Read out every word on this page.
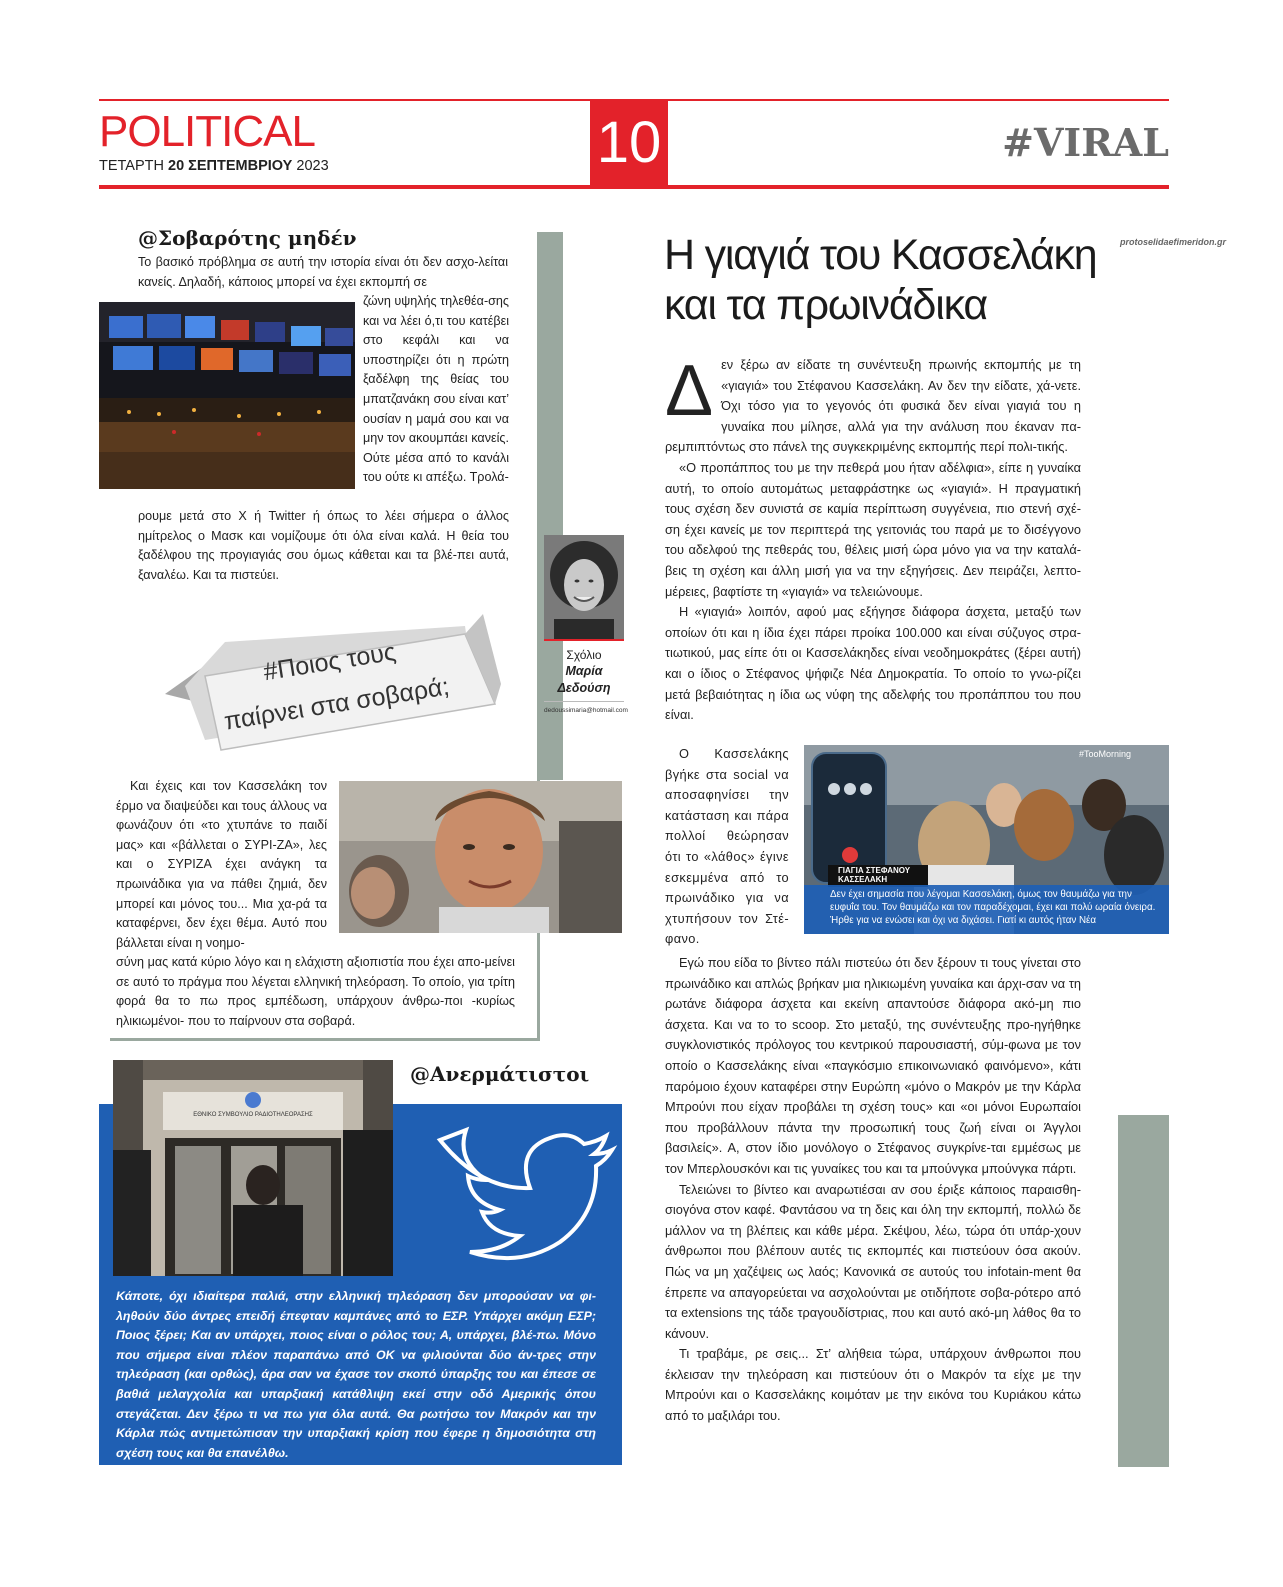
POLITICAL
ΤΕΤΑΡΤΗ 20 ΣΕΠΤΕΜΒΡΙΟΥ 2023	10	#VIRAL
protoselidaefimeridon.gr
@Σοβαρότης μηδέν

Το βασικό πρόβλημα σε αυτή την ιστορία είναι ότι δεν ασχο-λείται κανείς. Δηλαδή, κάποιος μπορεί να έχει εκπομπή σε

ζώνη υψηλής τηλεθέα-σης και να λέει ό,τι του κατέβει στο κεφάλι και να υποστηρίζει ότι η πρώτη ξαδέλφη της θείας του μπατζανάκη σου είναι κατ’ ουσίαν η μαμά σου και να μην τον ακουμπάει κανείς. Ούτε μέσα από το κανάλι του ούτε κι απέξω. Τρολά-

ρουμε μετά στο Χ ή Twitter ή όπως το λέει σήμερα ο άλλος ημίτρελος ο Μασκ και νομίζουμε ότι όλα είναι καλά. Η θεία του ξαδέλφου της προγιαγιάς σου όμως κάθεται και τα βλέ-πει αυτά, ξαναλέω. Και τα πιστεύει.

#Ποιος τους
παίρνει στα σοβαρά;
Σχόλιο
Μαρία
Δεδούση
dedoussimaria@hotmail.com

Και έχεις και τον Κασσελάκη τον έρμο να διαψεύδει και τους άλλους να φωνάζουν ότι «το χτυπάνε το παιδί μας» και «βάλλεται ο ΣΥΡΙ-ΖΑ», λες και ο ΣΥΡΙΖΑ έχει ανάγκη τα πρωινάδικα για να πάθει ζημιά, δεν μπορεί και μόνος του... Μια χα-ρά τα καταφέρνει, δεν έχει θέμα. Αυτό που βάλλεται είναι η νοημο-

σύνη μας κατά κύριο λόγο και η ελάχιστη αξιοπιστία που έχει απο-μείνει σε αυτό το πράγμα που λέγεται ελληνική τηλεόραση. Το οποίο, για τρίτη φορά θα το πω προς εμπέδωση, υπάρχουν άνθρω-ποι -κυρίως ηλικιωμένοι- που το παίρνουν στα σοβαρά.

ΕΘΝΙΚΟ ΣΥΜΒΟΥΛΙΟ ΡΑΔΙΟΤΗΛΕΟΡΑΣΗΣ
@Ανερμάτιστοι
Κάποτε, όχι ιδιαίτερα παλιά, στην ελληνική τηλεόραση δεν μπορούσαν να φι-ληθούν δύο άντρες επειδή έπεφταν καμπάνες από το ΕΣΡ. Υπάρχει ακόμη ΕΣΡ; Ποιος ξέρει; Και αν υπάρχει, ποιος είναι ο ρόλος του; Α, υπάρχει, βλέ-πω. Μόνο που σήμερα είναι πλέον παραπάνω από ΟΚ να φιλιούνται δύο άν-τρες στην τηλεόραση (και ορθώς), άρα σαν να έχασε τον σκοπό ύπαρξης του και έπεσε σε βαθιά μελαγχολία και υπαρξιακή κατάθλιψη εκεί στην οδό Αμερικής όπου στεγάζεται. Δεν ξέρω τι να πω για όλα αυτά. Θα ρωτήσω τον Μακρόν και την Κάρλα πώς αντιμετώπισαν την υπαρξιακή κρίση που έφερε η δημοσιότητα στη σχέση τους και θα επανέλθω.
Η γιαγιά του Κασσελάκη
και τα πρωινάδικα
Δ εν ξέρω αν είδατε τη συνέντευξη πρωινής εκπομπής με τη «γιαγιά» του Στέφανου Κασσελάκη. Αν δεν την είδατε, χά-νετε. Όχι τόσο για το γεγονός ότι φυσικά δεν είναι γιαγιά του η γυναίκα που μίλησε, αλλά για την ανάλυση που έκαναν πα-ρεμπιπτόντως στο πάνελ της συγκεκριμένης εκπομπής περί πολι-τικής.

«Ο προπάππος του με την πεθερά μου ήταν αδέλφια», είπε η γυναίκα αυτή, το οποίο αυτομάτως μεταφράστηκε ως «γιαγιά». Η πραγματική τους σχέση δεν συνιστά σε καμία περίπτωση συγγένεια, πιο στενή σχέ-ση έχει κανείς με τον περιπτερά της γειτονιάς του παρά με το δισέγγονο του αδελφού της πεθεράς του, θέλεις μισή ώρα μόνο για να την καταλά-βεις τη σχέση και άλλη μισή για να την εξηγήσεις. Δεν πειράζει, λεπτο-μέρειες, βαφτίστε τη «γιαγιά» να τελειώνουμε.

Η «γιαγιά» λοιπόν, αφού μας εξήγησε διάφορα άσχετα, μεταξύ των οποίων ότι και η ίδια έχει πάρει προίκα 100.000 και είναι σύζυγος στρα-τιωτικού, μας είπε ότι οι Κασσελάκηδες είναι νεοδημοκράτες (ξέρει αυτή) και ο ίδιος ο Στέφανος ψήφιζε Νέα Δημοκρατία. Το οποίο το γνω-ρίζει μετά βεβαιότητας η ίδια ως νύφη της αδελφής του προπάππου του που είναι.

Ο Κασσελάκης βγήκε στα social να αποσαφηνίσει την κατάσταση και πάρα πολλοί θεώρησαν ότι το «λάθος» έγινε εσκεμμένα από το πρωινάδικο για να χτυπήσουν τον Στέ-φανο.

#TooMorning
ΓΙΑΓΙΑ ΣΤΕΦΑΝΟΥ
ΚΑΣΣΕΛΑΚΗ
Δεν έχει σημασία που λέγομαι Κασσελάκη, όμως τον θαυμάζω για την ευφυΐα του. Τον θαυμάζω και τον παραδέχομαι, έχει και πολύ ωραία όνειρα. Ήρθε για να ενώσει και όχι να διχάσει. Γιατί κι αυτός ήταν Νέα

Εγώ που είδα το βίντεο πάλι πιστεύω ότι δεν ξέρουν τι τους γίνεται στο πρωινάδικο και απλώς βρήκαν μια ηλικιωμένη γυναίκα και άρχι-σαν να τη ρωτάνε διάφορα άσχετα και εκείνη απαντούσε διάφορα ακό-μη πιο άσχετα. Και να το το scoop. Στο μεταξύ, της συνέντευξης προ-ηγήθηκε συγκλονιστικός πρόλογος του κεντρικού παρουσιαστή, σύμ-φωνα με τον οποίο ο Κασσελάκης είναι «παγκόσμιο επικοινωνιακό φαινόμενο», κάτι παρόμοιο έχουν καταφέρει στην Ευρώπη «μόνο ο Μακρόν με την Κάρλα Μπρούνι που είχαν προβάλει τη σχέση τους» και «οι μόνοι Ευρωπαίοι που προβάλλουν πάντα την προσωπική τους ζωή είναι οι Άγγλοι βασιλείς». Α, στον ίδιο μονόλογο ο Στέφανος συγκρίνε-ται εμμέσως με τον Μπερλουσκόνι και τις γυναίκες του και τα μπούνγκα μπούνγκα πάρτι.

Τελειώνει το βίντεο και αναρωτιέσαι αν σου έριξε κάποιος παραισθη-σιογόνα στον καφέ. Φαντάσου να τη δεις και όλη την εκπομπή, πολλώ δε μάλλον να τη βλέπεις και κάθε μέρα. Σκέψου, λέω, τώρα ότι υπάρ-χουν άνθρωποι που βλέπουν αυτές τις εκπομπές και πιστεύουν όσα ακούν. Πώς να μη χαζέψεις ως λαός; Κανονικά σε αυτούς του infotain-ment θα έπρεπε να απαγορεύεται να ασχολούνται με οτιδήποτε σοβα-ρότερο από τα extensions της τάδε τραγουδίστριας, που και αυτό ακό-μη λάθος θα το κάνουν.

Τι τραβάμε, ρε σεις... Στ’ αλήθεια τώρα, υπάρχουν άνθρωποι που έκλεισαν την τηλεόραση και πιστεύουν ότι ο Μακρόν τα είχε με την Μπρούνι και ο Κασσελάκης κοιμόταν με την εικόνα του Κυριάκου κάτω από το μαξιλάρι του.
